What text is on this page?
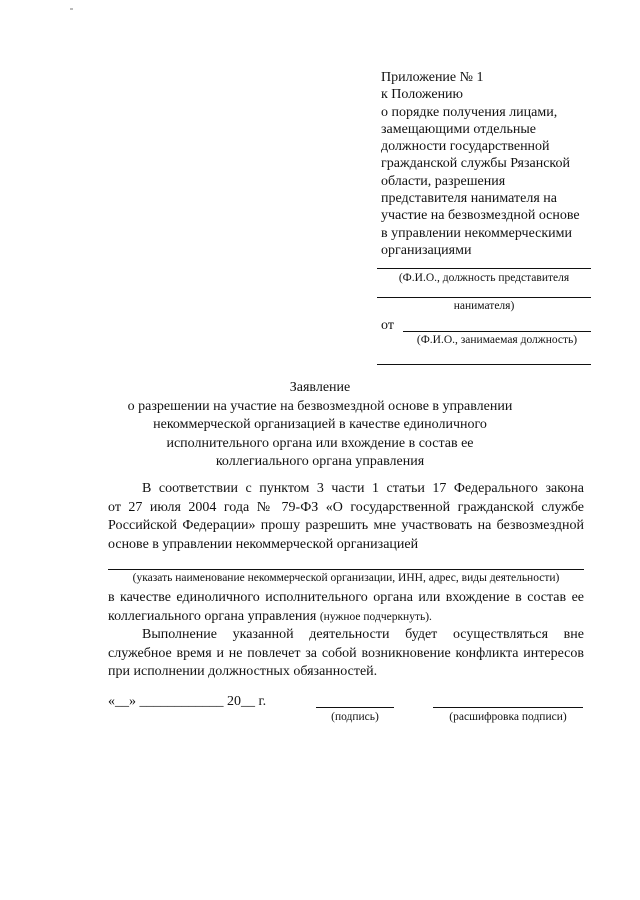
Приложение № 1
к Положению
о порядке получения лицами,
замещающими отдельные
должности государственной
гражданской службы Рязанской
области, разрешения
представителя нанимателя на
участие на безвозмездной основе
в управлении некоммерческими
организациями
(Ф.И.О., должность представителя
нанимателя)
от
(Ф.И.О., занимаемая должность)
Заявление
о разрешении на участие на безвозмездной основе в управлении
некоммерческой организацией в качестве единоличного
исполнительного органа или вхождение в состав ее
коллегиального органа управления
В соответствии с пунктом 3 части 1 статьи 17 Федерального закона
от 27 июля 2004 года № 79-ФЗ «О государственной гражданской службе
Российской Федерации» прошу разрешить мне участвовать на безвозмездной
основе в управлении некоммерческой организацией
(указать наименование некоммерческой организации, ИНН, адрес, виды деятельности)
в качестве единоличного исполнительного органа или вхождение в состав ее
коллегиального органа управления (нужное подчеркнуть).
Выполнение указанной деятельности будет осуществляться вне
служебное время и не повлечет за собой возникновение конфликта интересов
при исполнении должностных обязанностей.
«__» ____________ 20__ г.
(подпись)	(расшифровка подписи)
